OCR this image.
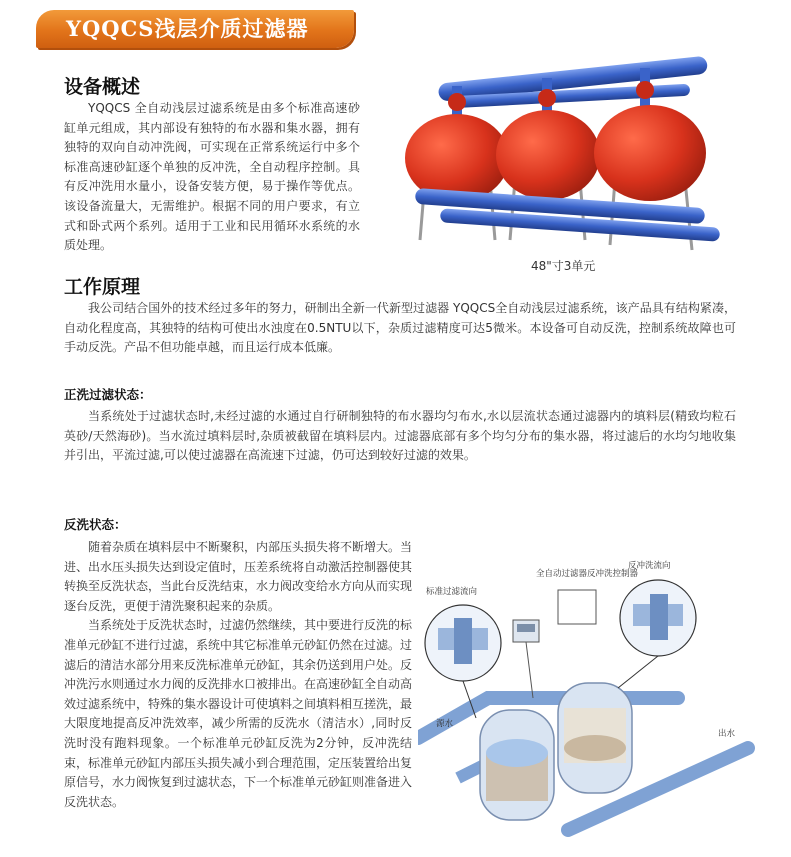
YQQCS浅层介质过滤器
设备概述

YQQCS 全自动浅层过滤系统是由多个标准高速砂缸单元组成，其内部设有独特的布水器和集水器，拥有独特的双向自动冲洗阀，可实现在正常系统运行中多个标准高速砂缸逐个单独的反冲洗，全自动程序控制。具有反冲洗用水量小，设备安装方便，易于操作等优点。该设备流量大，无需维护。根据不同的用户要求，有立式和卧式两个系列。适用于工业和民用循环水系统的水质处理。

48"寸3单元
工作原理

我公司结合国外的技术经过多年的努力，研制出全新一代新型过滤器 YQQCS全自动浅层过滤系统，该产品具有结构紧凑，自动化程度高，其独特的结构可使出水浊度在0.5NTU以下，杂质过滤精度可达5微米。本设备可自动反洗，控制系统故障也可手动反洗。产品不但功能卓越，而且运行成本低廉。

正洗过滤状态：

当系统处于过滤状态时,未经过滤的水通过自行研制独特的布水器均匀布水,水以层流状态通过滤器内的填料层(精致均粒石英砂/天然海砂)。当水流过填料层时,杂质被截留在填料层内。过滤器底部有多个均匀分布的集水器，将过滤后的水均匀地收集并引出，平流过滤,可以使过滤器在高流速下过滤，仍可达到较好过滤的效果。

反洗状态：

随着杂质在填料层中不断聚积，内部压头损失将不断增大。当进、出水压头损失达到设定值时，压差系统将自动激活控制器使其转换至反洗状态，当此台反洗结束，水力阀改变给水方向从而实现逐台反洗，更便于清洗聚积起来的杂质。

当系统处于反洗状态时，过滤仍然继续，其中要进行反洗的标准单元砂缸不进行过滤，系统中其它标准单元砂缸仍然在过滤。过滤后的清洁水部分用来反洗标准单元砂缸，其余仍送到用户处。反冲洗污水则通过水力阀的反洗排水口被排出。在高速砂缸全自动高效过滤系统中，特殊的集水器设计可使填料之间填料相互搓洗，最大限度地提高反冲洗效率，减少所需的反洗水（清洁水）,同时反洗时没有跑料现象。一个标准单元砂缸反洗为2分钟，反冲洗结束，标准单元砂缸内部压头损失减小到合理范围，定压装置给出复原信号，水力阀恢复到过滤状态，下一个标准单元砂缸则准备进入反洗状态。

标准过滤流向
全自动过滤器反冲洗控制器
反冲洗流向
源水
出水
